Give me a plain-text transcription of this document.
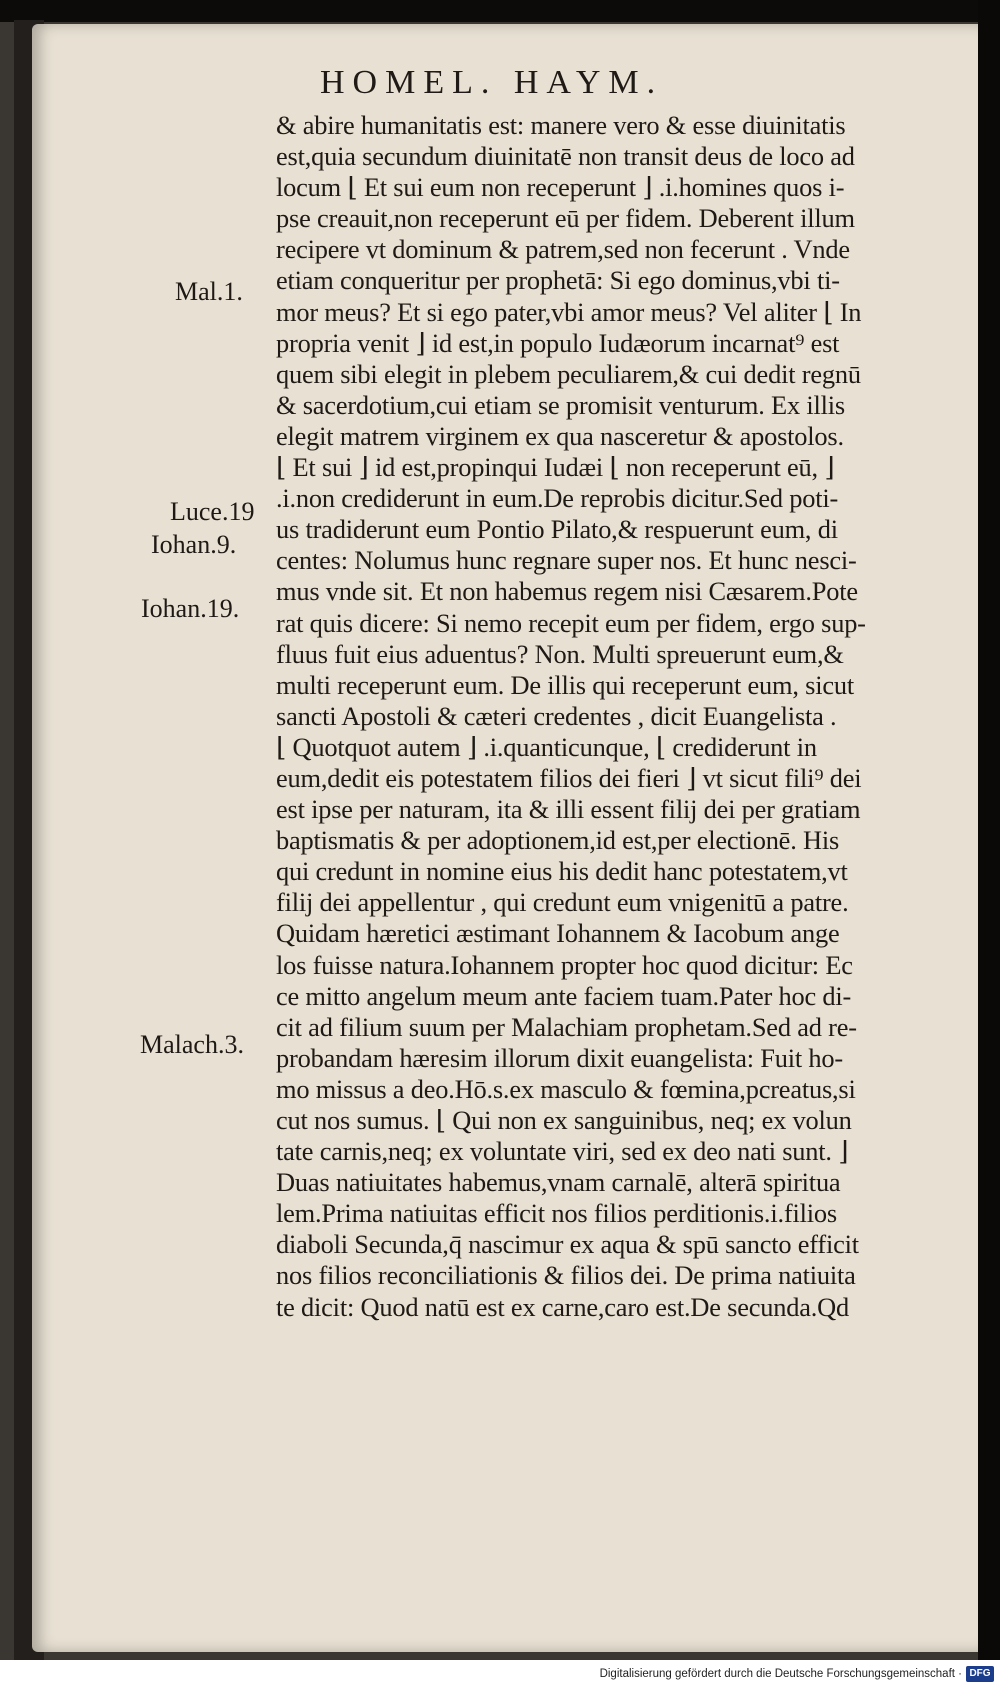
HOMEL. HAYM.
& abire humanitatis est: manere vero & esse diuinitatis
est,quia secundum diuinitatē non transit deus de loco ad
locum ⌊ Et sui eum non receperunt ⌋ .i.homines quos i-
pse creauit,non receperunt eū per fidem. Deberent illum
recipere vt dominum & patrem,sed non fecerunt . Vnde
etiam conqueritur per prophetā: Si ego dominus,vbi ti-
mor meus? Et si ego pater,vbi amor meus? Vel aliter ⌊ In
propria venit ⌋ id est,in populo Iudæorum incarnat⁹ est
quem sibi elegit in plebem peculiarem,& cui dedit regnū
& sacerdotium,cui etiam se promisit venturum. Ex illis
elegit matrem virginem ex qua nasceretur & apostolos.
⌊ Et sui ⌋ id est,propinqui Iudæi ⌊ non receperunt eū, ⌋
.i.non crediderunt in eum.De reprobis dicitur.Sed poti-
us tradiderunt eum Pontio Pilato,& respuerunt eum, di
centes: Nolumus hunc regnare super nos. Et hunc nesci-
mus vnde sit. Et non habemus regem nisi Cæsarem.Pote
rat quis dicere: Si nemo recepit eum per fidem, ergo sup-
fluus fuit eius aduentus? Non. Multi spreuerunt eum,&
multi receperunt eum. De illis qui receperunt eum, sicut
sancti Apostoli & cæteri credentes , dicit Euangelista .
⌊ Quotquot autem ⌋ .i.quanticunque, ⌊ crediderunt in
eum,dedit eis potestatem filios dei fieri ⌋ vt sicut fili⁹ dei
est ipse per naturam, ita & illi essent filij dei per gratiam
baptismatis & per adoptionem,id est,per electionē. His
qui credunt in nomine eius his dedit hanc potestatem,vt
filij dei appellentur , qui credunt eum vnigenitū a patre.
Quidam hæretici æstimant Iohannem & Iacobum ange
los fuisse natura.Iohannem propter hoc quod dicitur: Ec
ce mitto angelum meum ante faciem tuam.Pater hoc di-
cit ad filium suum per Malachiam prophetam.Sed ad re-
probandam hæresim illorum dixit euangelista: Fuit ho-
mo missus a deo.Hō.s.ex masculo & fœmina,pcreatus,si
cut nos sumus. ⌊ Qui non ex sanguinibus, neq; ex volun
tate carnis,neq; ex voluntate viri, sed ex deo nati sunt. ⌋
Duas natiuitates habemus,vnam carnalē, alterā spiritua
lem.Prima natiuitas efficit nos filios perditionis.i.filios
diaboli Secunda,q̄ nascimur ex aqua & spū sancto efficit
nos filios reconciliationis & filios dei. De prima natiuita
te dicit: Quod natū est ex carne,caro est.De secunda.Qd
Mal.1.
Luce.19
Iohan.9.
Iohan.19.
Malach.3.
Digitalisierung gefördert durch die Deutsche Forschungsgemeinschaft · DFG
